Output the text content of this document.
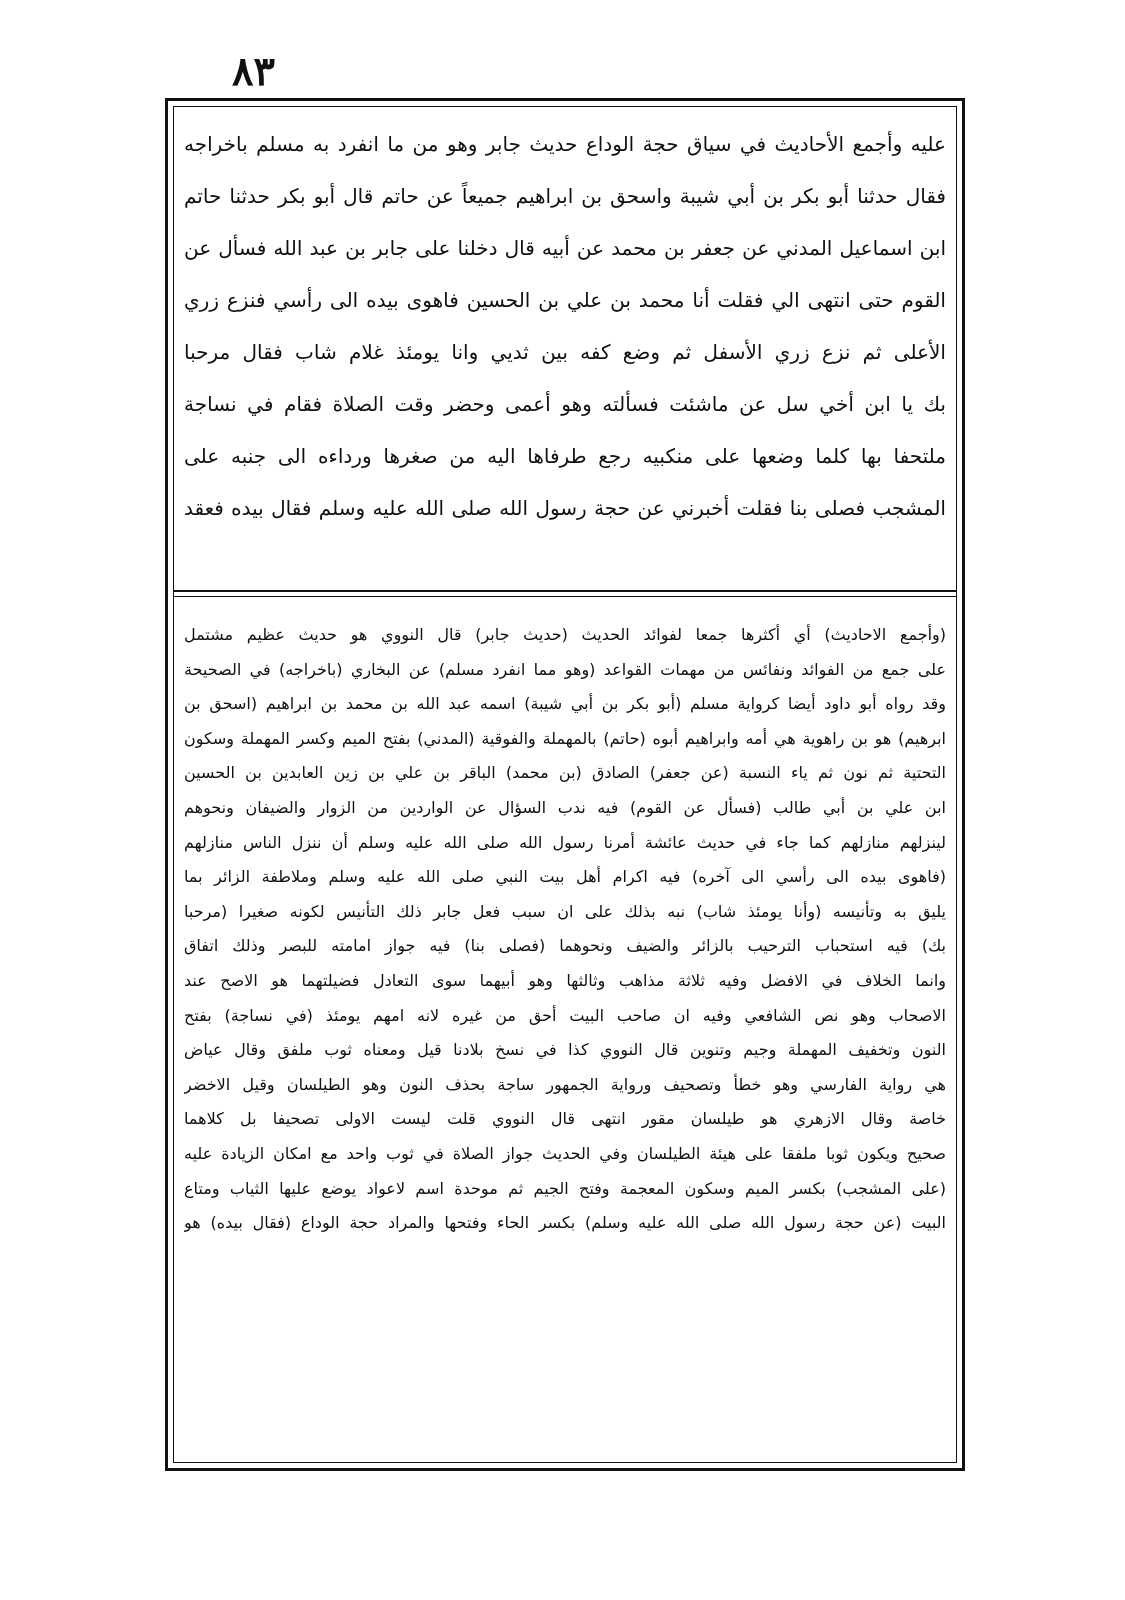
٨٣
عليه وأجمع الأحاديث في سياق حجة الوداع حديث جابر وهو من ما انفرد به مسلم باخراجه
فقال حدثنا أبو بكر بن أبي شيبة واسحق بن ابراهيم جميعاً عن حاتم قال أبو بكر حدثنا حاتم
ابن اسماعيل المدني عن جعفر بن محمد عن أبيه قال دخلنا على جابر بن عبد الله فسأل عن
القوم حتى انتهى الي فقلت أنا محمد بن علي بن الحسين فاهوى بيده الى رأسي فنزع زري
الأعلى ثم نزع زري الأسفل ثم وضع كفه بين ثديي وانا يومئذ غلام شاب فقال مرحبا
بك يا ابن أخي سل عن ماشئت فسألته وهو أعمى وحضر وقت الصلاة فقام في نساجة
ملتحفا بها كلما وضعها على منكبيه رجع طرفاها اليه من صغرها ورداءه الى جنبه على
المشجب فصلى بنا فقلت أخبرني عن حجة رسول الله صلى الله عليه وسلم فقال بيده فعقد
(وأجمع الاحاديث) أي أكثرها جمعا لفوائد الحديث (حديث جابر) قال النووي هو حديث عظيم مشتمل
على جمع من الفوائد ونفائس من مهمات القواعد (وهو مما انفرد مسلم) عن البخاري (باخراجه) في الصحيحة
وقد رواه أبو داود أيضا كرواية مسلم (أبو بكر بن أبي شيبة) اسمه عبد الله بن محمد بن ابراهيم (اسحق بن
ابرهيم) هو بن راهوية هي أمه وابراهيم أبوه (حاتم) بالمهملة والفوقية (المدني) بفتح الميم وكسر المهملة وسكون
التحتية ثم نون ثم ياء النسبة (عن جعفر) الصادق (بن محمد) الباقر بن علي بن زين العابدين بن الحسين
ابن علي بن أبي طالب (فسأل عن القوم) فيه ندب السؤال عن الواردين من الزوار والضيفان ونحوهم
لينزلهم منازلهم كما جاء في حديث عائشة أمرنا رسول الله صلى الله عليه وسلم أن ننزل الناس منازلهم
(فاهوى بيده الى رأسي الى آخره) فيه اكرام أهل بيت النبي صلى الله عليه وسلم وملاطفة الزائر بما
يليق به وتأنيسه (وأنا يومئذ شاب) نبه بذلك على ان سبب فعل جابر ذلك التأنيس لكونه صغيرا (مرحبا
بك) فيه استحباب الترحيب بالزائر والضيف ونحوهما (فصلى بنا) فيه جواز امامته للبصر وذلك اتفاق
وانما الخلاف في الافضل وفيه ثلاثة مذاهب وثالثها وهو أبيهما سوى التعادل فضيلتهما هو الاصح عند
الاصحاب وهو نص الشافعي وفيه ان صاحب البيت أحق من غيره لانه امهم يومئذ (في نساجة) بفتح
النون وتخفيف المهملة وجيم وتنوين قال النووي كذا في نسخ بلادنا قيل ومعناه ثوب ملفق وقال عياض
هي رواية الفارسي وهو خطأ وتصحيف ورواية الجمهور ساجة بحذف النون وهو الطيلسان وقيل الاخضر
خاصة وقال الازهري هو طيلسان مقور انتهى قال النووي قلت ليست الاولى تصحيفا بل كلاهما
صحيح ويكون ثوبا ملفقا على هيئة الطيلسان وفي الحديث جواز الصلاة في ثوب واحد مع امكان الزيادة عليه
(على المشجب) بكسر الميم وسكون المعجمة وفتح الجيم ثم موحدة اسم لاعواد يوضع عليها الثياب ومتاع
البيت (عن حجة رسول الله صلى الله عليه وسلم) بكسر الحاء وفتحها والمراد حجة الوداع (فقال بيده) هو
